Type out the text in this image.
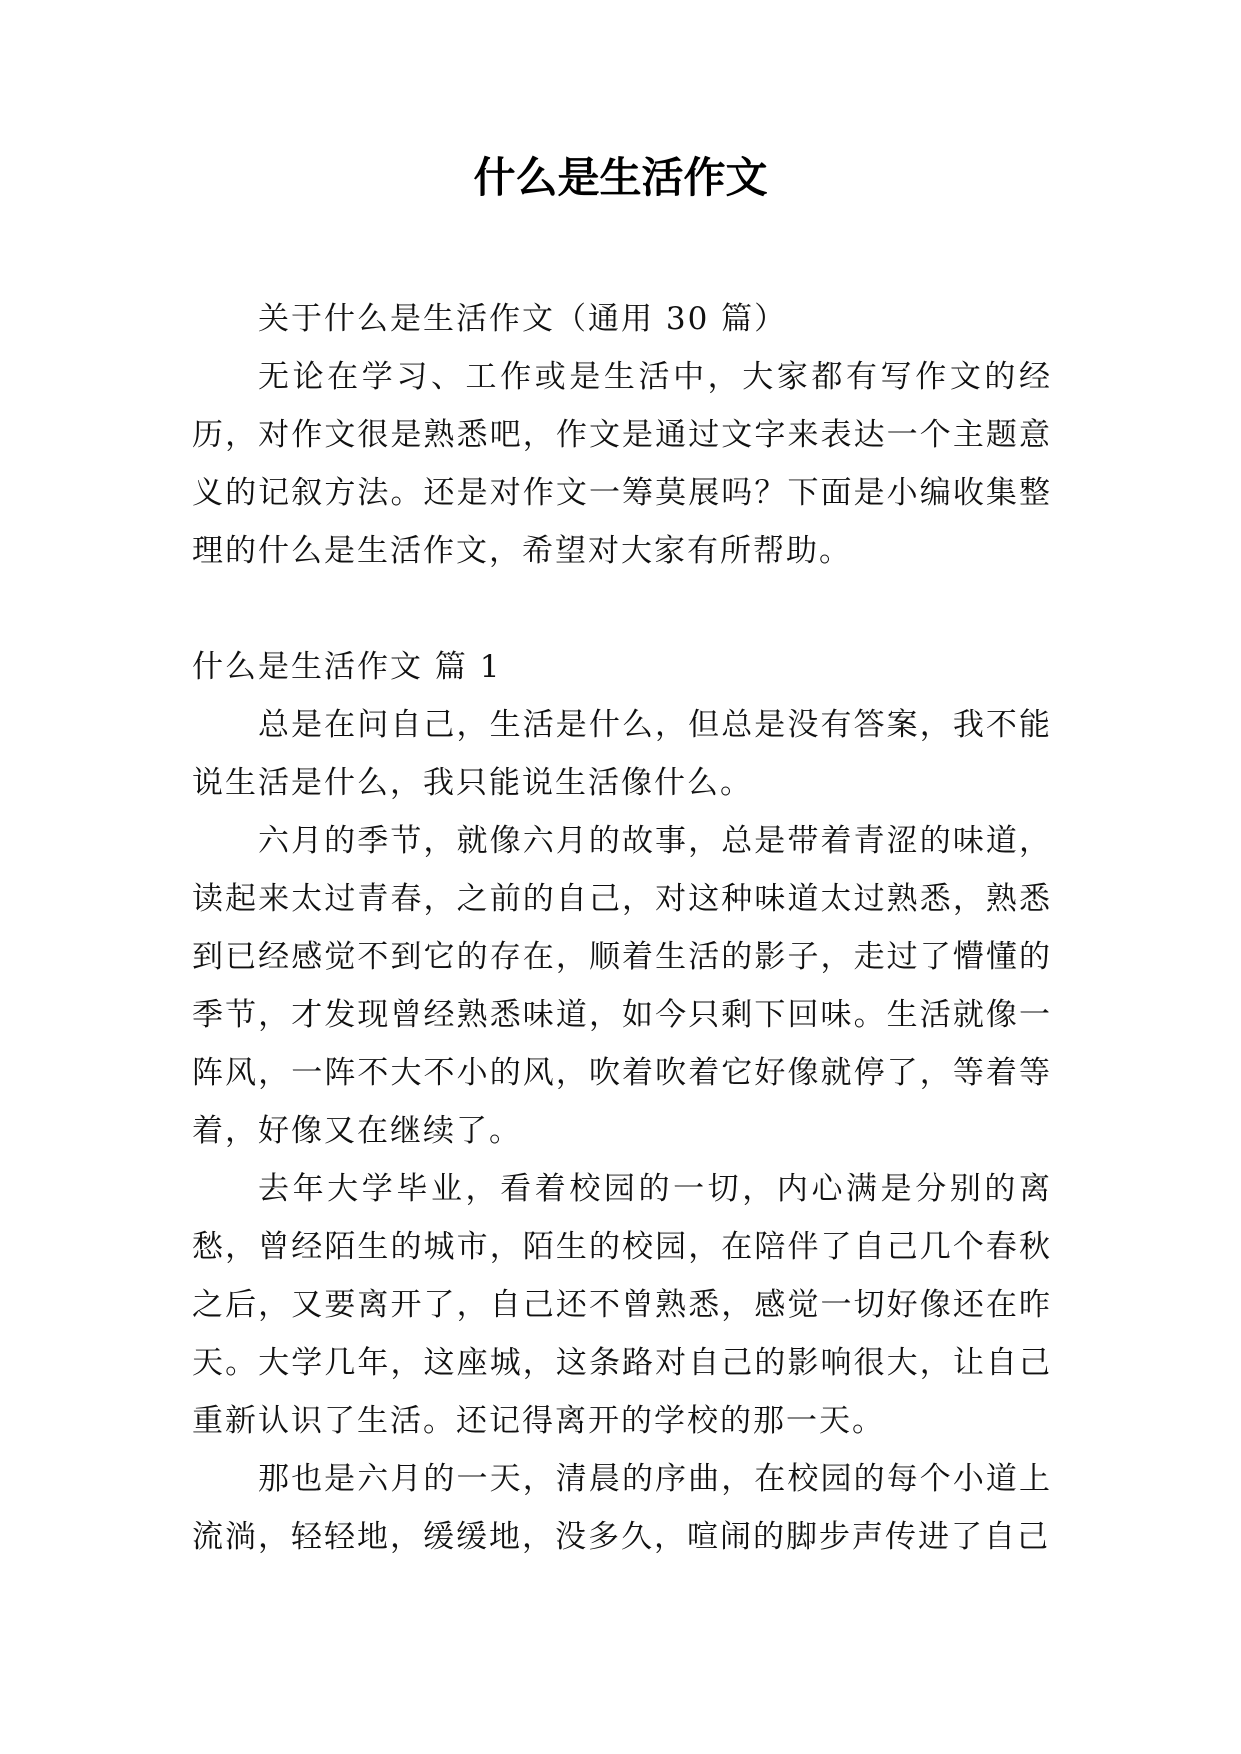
什么是生活作文

关于什么是生活作文（通用 30 篇）

无论在学习、工作或是生活中，大家都有写作文的经历，对作文很是熟悉吧，作文是通过文字来表达一个主题意义的记叙方法。还是对作文一筹莫展吗？下面是小编收集整理的什么是生活作文，希望对大家有所帮助。

什么是生活作文 篇 1

总是在问自己，生活是什么，但总是没有答案，我不能说生活是什么，我只能说生活像什么。

六月的季节，就像六月的故事，总是带着青涩的味道，读起来太过青春，之前的自己，对这种味道太过熟悉，熟悉到已经感觉不到它的存在，顺着生活的影子，走过了懵懂的季节，才发现曾经熟悉味道，如今只剩下回味。生活就像一阵风，一阵不大不小的风，吹着吹着它好像就停了，等着等着，好像又在继续了。

去年大学毕业，看着校园的一切，内心满是分别的离愁，曾经陌生的城市，陌生的校园，在陪伴了自己几个春秋之后，又要离开了，自己还不曾熟悉，感觉一切好像还在昨天。大学几年，这座城，这条路对自己的影响很大，让自己重新认识了生活。还记得离开的学校的那一天。

那也是六月的一天，清晨的序曲，在校园的每个小道上流淌，轻轻地，缓缓地，没多久，喧闹的脚步声传进了自己
